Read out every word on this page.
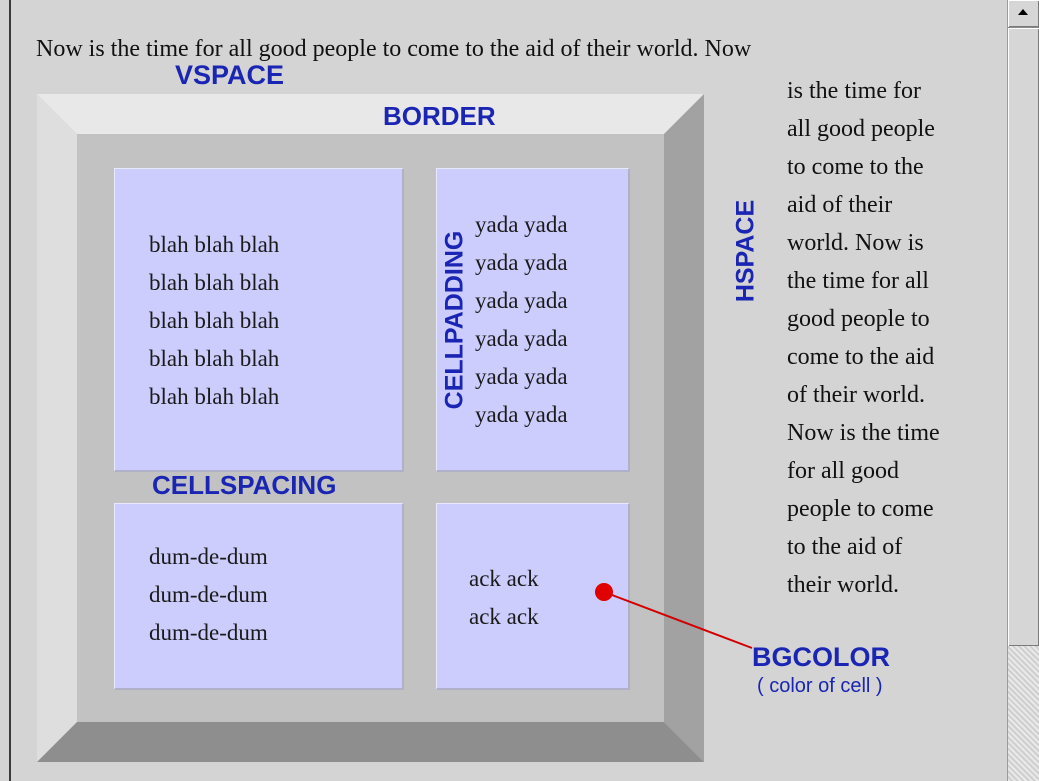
Now is the time for all good people to come to the aid of their world. Now
VSPACE
BORDER
blah blah blah
blah blah blah
blah blah blah
blah blah blah
blah blah blah
yada yada
yada yada
yada yada
yada yada
yada yada
yada yada
CELLPADDING
CELLSPACING
dum-de-dum
dum-de-dum
dum-de-dum
ack ack
ack ack
HSPACE
is the time for
all good people
to come to the
aid of their
world. Now is
the time for all
good people to
come to the aid
of their world.
Now is the time
for all good
people to come
to the aid of
their world.
BGCOLOR
( color of cell )
